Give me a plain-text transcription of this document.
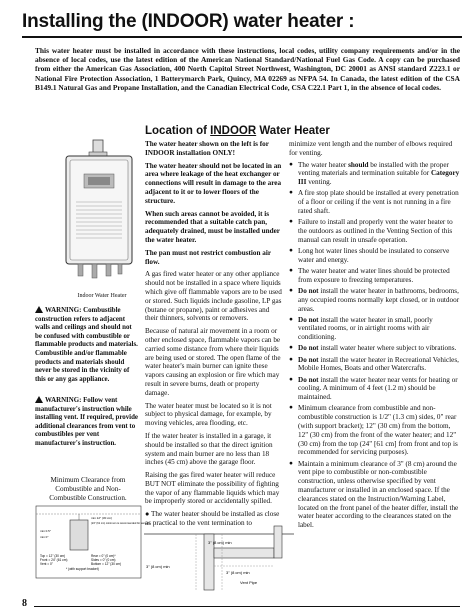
Installing the (INDOOR) water heater :
This water heater must be installed in accordance with these instructions, local codes, utility company requirements and/or in the absence of local codes, use the latest edition of the American National Standard/National Fuel Gas Code. A copy can be purchased from either the American Gas Association, 400 North Capitol Street Northwest, Washington, DC 20001 as ANSI standard Z223.1 or National Fire Protection Association, 1 Batterymarch Park, Quincy, MA 02269 as NFPA 54. In Canada, the latest edition of the CSA B149.1 Natural Gas and Propane Installation, and the Canadian Electrical Code, CSA C22.1 Part 1, in the absence of local codes.
Location of INDOOR Water Heater
Indoor Water Heater
WARNING: Combustible construction refers to adjacent walls and ceilings and should not be confused with combustible or flammable products and materials. Combustible and/or flammable products and materials should never be stored in the vicinity of this or any gas appliance.
WARNING: Follow vent manufacturer's instruction while installing vent. If required, provide additional clearances from vent to combustibles per vent manufacturer's instruction.
Minimum Clearance from Combustible and Non-Combustible Construction.
min 12" (30 cm)
(24" (61 cm) minimum is recommended for service)
min 0.5"
min 0"
Top = 12" (30 cm)
Front = 24" (61 cm)
Vent = 0"
Rear = 0" (0 cm)*
Sides = 0" (0 cm)
Bottom = 12" (30 cm)
* (with support bracket)

The water heater shown on the left is for INDOOR installation ONLY!

The water heater should not be located in an area where leakage of the heat exchanger or connections will result in damage to the area adjacent to it or to lower floors of the structure.

When such areas cannot be avoided, it is recommended that a suitable catch pan, adequately drained, must be installed under the water heater.

The pan must not restrict combustion air flow.

A gas fired water heater or any other appliance should not be installed in a space where liquids which give off flammable vapors are to be used or stored. Such liquids include gasoline, LP gas (butane or propane), paint or adhesives and their thinners, solvents or removers.

Because of natural air movement in a room or other enclosed space, flammable vapors can be carried some distance from where their liquids are being used or stored. The open flame of the water heater's main burner can ignite these vapors causing an explosion or fire which may result in severe burns, death or property damage.

The water heater must be located so it is not subject to physical damage, for example, by moving vehicles, area flooding, etc.

If the water heater is installed in a garage, it should be installed so that the direct ignition system and main burner are no less than 18 inches (45 cm) above the garage floor.

Raising the gas fired water heater will reduce BUT NOT eliminate the possibility of fighting the vapor of any flammable liquids which may be improperly stored or accidentally spilled.

● The water heater should be installed as close as practical to the vent termination to

3" (8 cm) min
3" (8 cm) min
3" (8 cm) min
Vent Pipe

minimize vent length and the number of elbows required for venting.

● The water heater should be installed with the proper venting materials and termination suitable for Category III venting.
● A fire stop plate should be installed at every penetration of a floor or ceiling if the vent is not running in a fire rated shaft.
● Failure to install and properly vent the water heater to the outdoors as outlined in the Venting Section of this manual can result in unsafe operation.
● Long hot water lines should be insulated to conserve water and energy.
● The water heater and water lines should be protected from exposure to freezing temperatures.
● Do not install the water heater in bathrooms, bedrooms, any occupied rooms normally kept closed, or in outdoor areas.
● Do not install the water heater in small, poorly ventilated rooms, or in airtight rooms with air conditioning.
● Do not install water heater where subject to vibrations.
● Do not install the water heater in Recreational Vehicles, Mobile Homes, Boats and other Watercrafts.
● Do not install the water heater near vents for heating or cooling. A minimum of 4 feet (1.2 m) should be maintained.
● Minimum clearance from combustible and non-combustible construction is 1/2" (1.3 cm) sides, 0" rear (with support bracket); 12" (30 cm) from the bottom, 12" (30 cm) from the front of the water heater; and 12" (30 cm) from the top (24" [61 cm] from front and top is recommended for servicing purposes).
● Maintain a minimum clearance of 3" (8 cm) around the vent pipe to combustible or non-combustible construction, unless otherwise specified by vent manufacturer or installed in an enclosed space. If the clearances stated on the Instruction/Warning Label, located on the front panel of the heater differ, install the water heater according to the clearances stated on the label.
8
